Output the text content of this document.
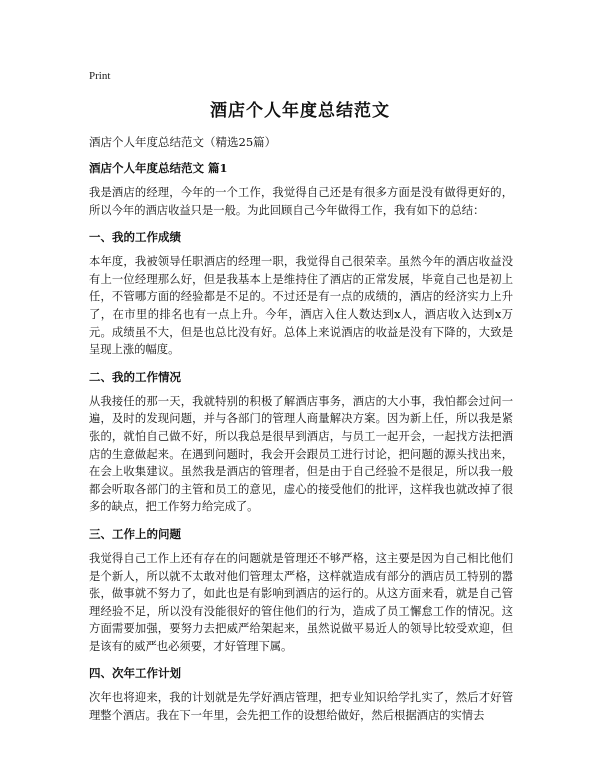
Print
酒店个人年度总结范文
酒店个人年度总结范文（精选25篇）
酒店个人年度总结范文 篇1

我是酒店的经理，今年的一个工作，我觉得自己还是有很多方面是没有做得更好的，所以今年的酒店收益只是一般。为此回顾自己今年做得工作，我有如下的总结：

一、我的工作成绩

本年度，我被领导任职酒店的经理一职，我觉得自己很荣幸。虽然今年的酒店收益没有上一位经理那么好，但是我基本上是维持住了酒店的正常发展，毕竟自己也是初上任，不管哪方面的经验都是不足的。不过还是有一点的成绩的，酒店的经济实力上升了，在市里的排名也有一点上升。今年，酒店入住人数达到x人，酒店收入达到x万元。成绩虽不大，但是也总比没有好。总体上来说酒店的收益是没有下降的，大致是呈现上涨的幅度。

二、我的工作情况

从我接任的那一天，我就特别的积极了解酒店事务，酒店的大小事，我怕都会过问一遍，及时的发现问题，并与各部门的管理人商量解决方案。因为新上任，所以我是紧张的，就怕自己做不好，所以我总是很早到酒店，与员工一起开会，一起找方法把酒店的生意做起来。在遇到问题时，我会开会跟员工进行讨论，把问题的源头找出来，在会上收集建议。虽然我是酒店的管理者，但是由于自己经验不是很足，所以我一般都会听取各部门的主管和员工的意见，虚心的接受他们的批评，这样我也就改掉了很多的缺点，把工作努力给完成了。

三、工作上的问题

我觉得自己工作上还有存在的问题就是管理还不够严格，这主要是因为自己相比他们是个新人，所以就不太敢对他们管理太严格，这样就造成有部分的酒店员工特别的嚣张，做事就不努力了，如此也是有影响到酒店的运行的。从这方面来看，就是自己管理经验不足，所以没有没能很好的管住他们的行为，造成了员工懈怠工作的情况。这方面需要加强，要努力去把威严给架起来，虽然说做平易近人的领导比较受欢迎，但是该有的威严也必须要，才好管理下属。

四、次年工作计划

次年也将迎来，我的计划就是先学好酒店管理，把专业知识给学扎实了，然后才好管理整个酒店。我在下一年里，会先把工作的设想给做好，然后根据酒店的实情去
